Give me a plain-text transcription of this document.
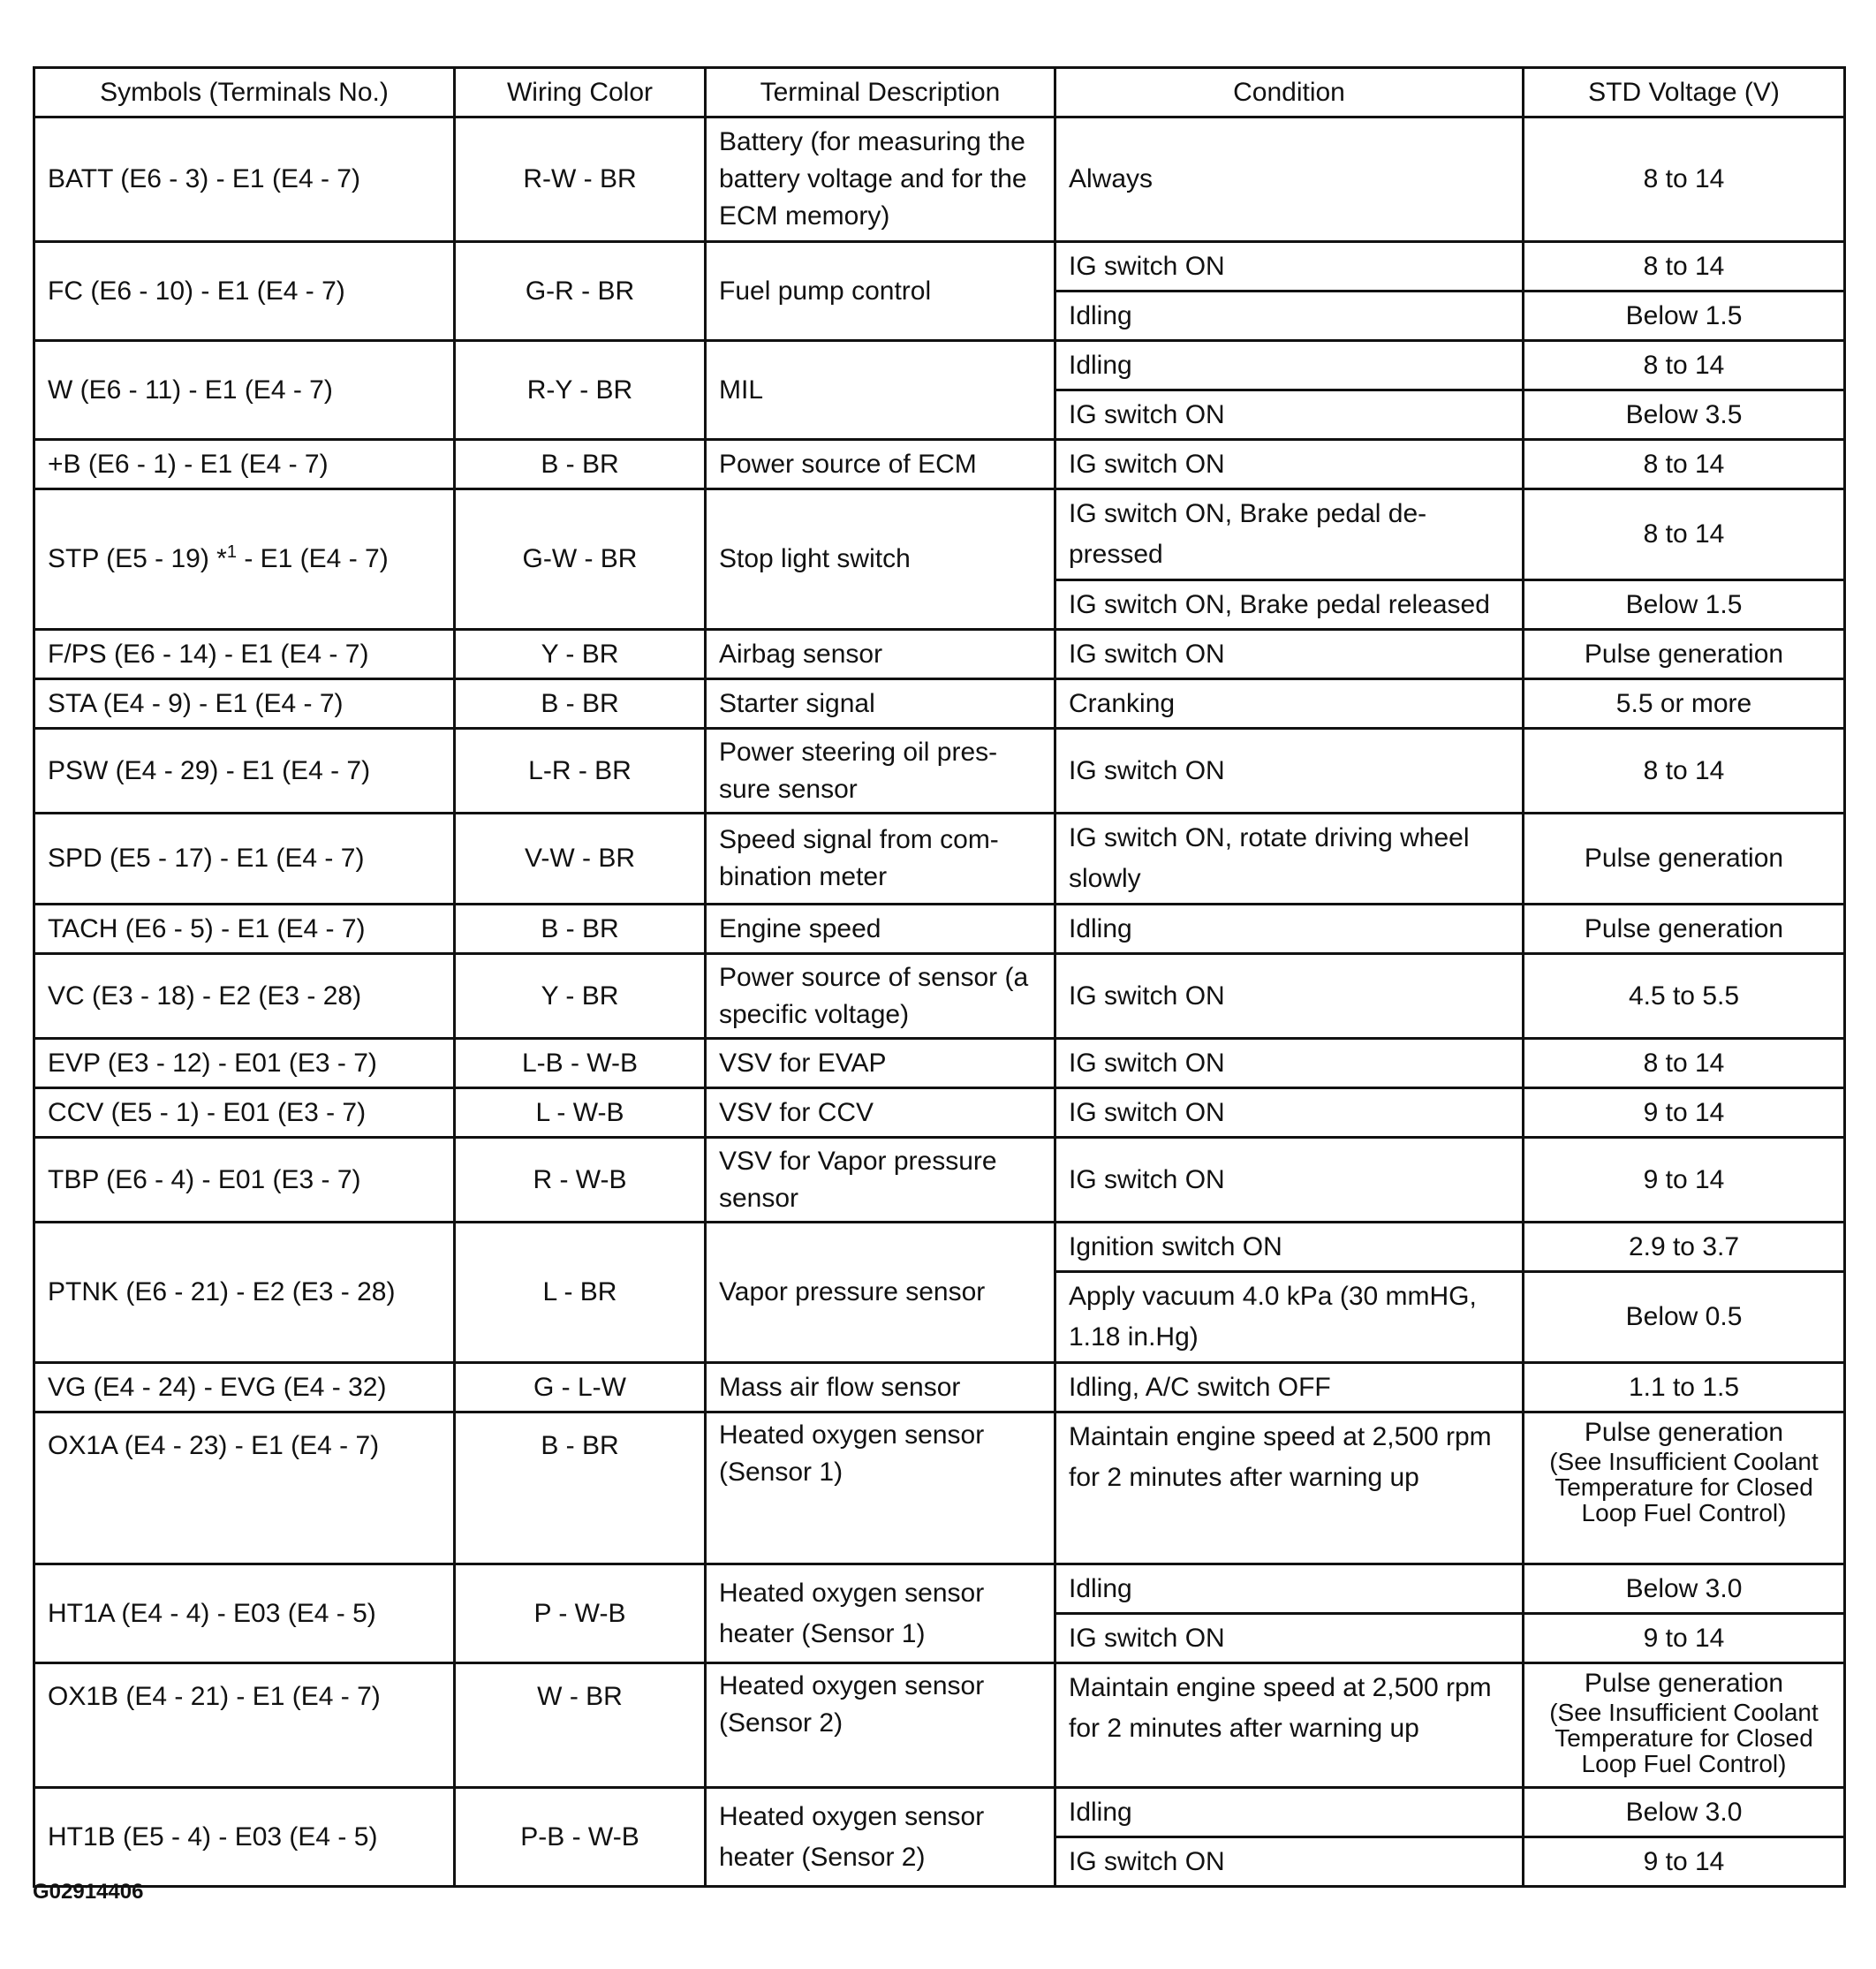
Symbols (Terminals No.)	Wiring Color	Terminal Description	Condition	STD Voltage (V)
BATT (E6 - 3) - E1 (E4 - 7)	R-W - BR	Battery (for measuring the battery voltage and for the ECM memory)	Always	8 to 14
FC (E6 - 10) - E1 (E4 - 7)	G-R - BR	Fuel pump control	IG switch ON	8 to 14
			Idling	Below 1.5
W (E6 - 11) - E1 (E4 - 7)	R-Y - BR	MIL	Idling	8 to 14
			IG switch ON	Below 3.5
+B (E6 - 1) - E1 (E4 - 7)	B - BR	Power source of ECM	IG switch ON	8 to 14
STP (E5 - 19) *$^1$ - E1 (E4 - 7)	G-W - BR	Stop light switch	IG switch ON, Brake pedal de-pressed	8 to 14
			IG switch ON, Brake pedal released	Below 1.5
F/PS (E6 - 14) - E1 (E4 - 7)	Y - BR	Airbag sensor	IG switch ON	Pulse generation
STA (E4 - 9) - E1 (E4 - 7)	B - BR	Starter signal	Cranking	5.5 or more
PSW (E4 - 29) - E1 (E4 - 7)	L-R - BR	Power steering oil pres-sure sensor	IG switch ON	8 to 14
SPD (E5 - 17) - E1 (E4 - 7)	V-W - BR	Speed signal from com-bination meter	IG switch ON, rotate driving wheel slowly	Pulse generation
TACH (E6 - 5) - E1 (E4 - 7)	B - BR	Engine speed	Idling	Pulse generation
VC (E3 - 18) - E2 (E3 - 28)	Y - BR	Power source of sensor (a specific voltage)	IG switch ON	4.5 to 5.5
EVP (E3 - 12) - E01 (E3 - 7)	L-B - W-B	VSV for EVAP	IG switch ON	8 to 14
CCV (E5 - 1) - E01 (E3 - 7)	L - W-B	VSV for CCV	IG switch ON	9 to 14
TBP (E6 - 4) - E01 (E3 - 7)	R - W-B	VSV for Vapor pressure sensor	IG switch ON	9 to 14
PTNK (E6 - 21) - E2 (E3 - 28)	L - BR	Vapor pressure sensor	Ignition switch ON	2.9 to 3.7
			Apply vacuum 4.0 kPa (30 mmHG, 1.18 in.Hg)	Below 0.5
VG (E4 - 24) - EVG (E4 - 32)	G - L-W	Mass air flow sensor	Idling, A/C switch OFF	1.1 to 1.5
OX1A (E4 - 23) - E1 (E4 - 7)	B - BR	Heated oxygen sensor (Sensor 1)	Maintain engine speed at 2,500 rpm for 2 minutes after warning up	Pulse generation
(See Insufficient Coolant Temperature for Closed Loop Fuel Control)

HT1A (E4 - 4) - E03 (E4 - 5)	P - W-B	Heated oxygen sensor heater (Sensor 1)	Idling	Below 3.0
			IG switch ON	9 to 14
OX1B (E4 - 21) - E1 (E4 - 7)	W - BR	Heated oxygen sensor (Sensor 2)	Maintain engine speed at 2,500 rpm for 2 minutes after warning up	Pulse generation
(See Insufficient Coolant Temperature for Closed Loop Fuel Control)

HT1B (E5 - 4) - E03 (E4 - 5)	P-B - W-B	Heated oxygen sensor heater (Sensor 2)	Idling	Below 3.0
			IG switch ON	9 to 14
G02914406
